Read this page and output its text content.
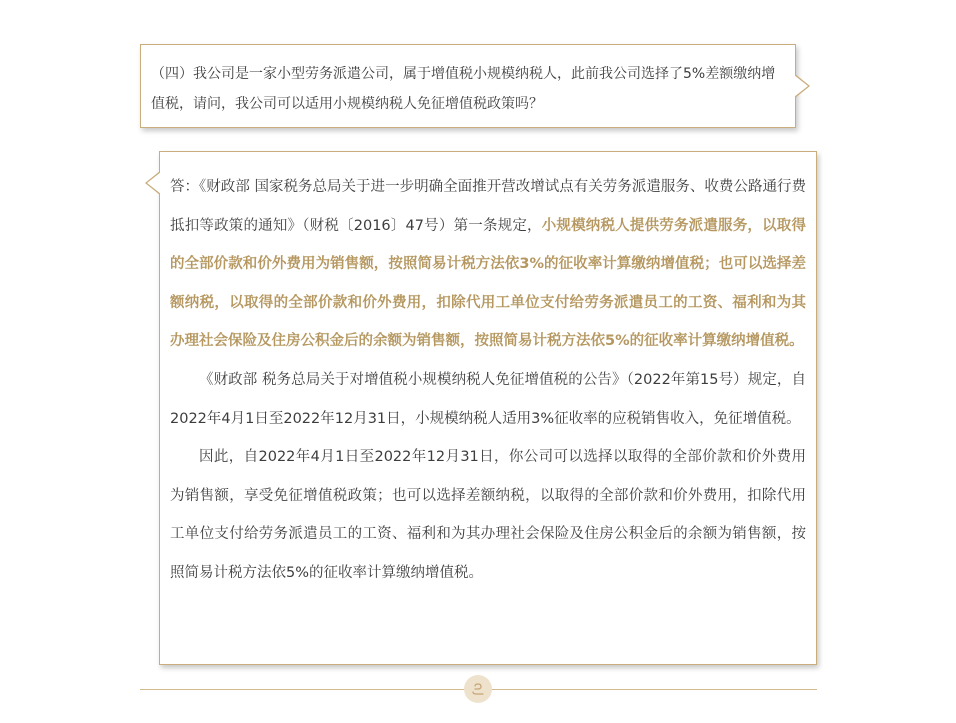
（四）我公司是一家小型劳务派遣公司，属于增值税小规模纳税人，此前我公司选择了5%差额缴纳增值税，请问，我公司可以适用小规模纳税人免征增值税政策吗？

答：《财政部 国家税务总局关于进一步明确全面推开营改增试点有关劳务派遣服务、收费公路通行费抵扣等政策的通知》（财税〔2016〕47号）第一条规定，小规模纳税人提供劳务派遣服务，以取得的全部价款和价外费用为销售额，按照简易计税方法依3%的征收率计算缴纳增值税；也可以选择差额纳税，以取得的全部价款和价外费用，扣除代用工单位支付给劳务派遣员工的工资、福利和为其办理社会保险及住房公积金后的余额为销售额，按照简易计税方法依5%的征收率计算缴纳增值税。

《财政部 税务总局关于对增值税小规模纳税人免征增值税的公告》（2022年第15号）规定，自2022年4月1日至2022年12月31日，小规模纳税人适用3%征收率的应税销售收入，免征增值税。

因此，自2022年4月1日至2022年12月31日，你公司可以选择以取得的全部价款和价外费用为销售额，享受免征增值税政策；也可以选择差额纳税，以取得的全部价款和价外费用，扣除代用工单位支付给劳务派遣员工的工资、福利和为其办理社会保险及住房公积金后的余额为销售额，按照简易计税方法依5%的征收率计算缴纳增值税。
